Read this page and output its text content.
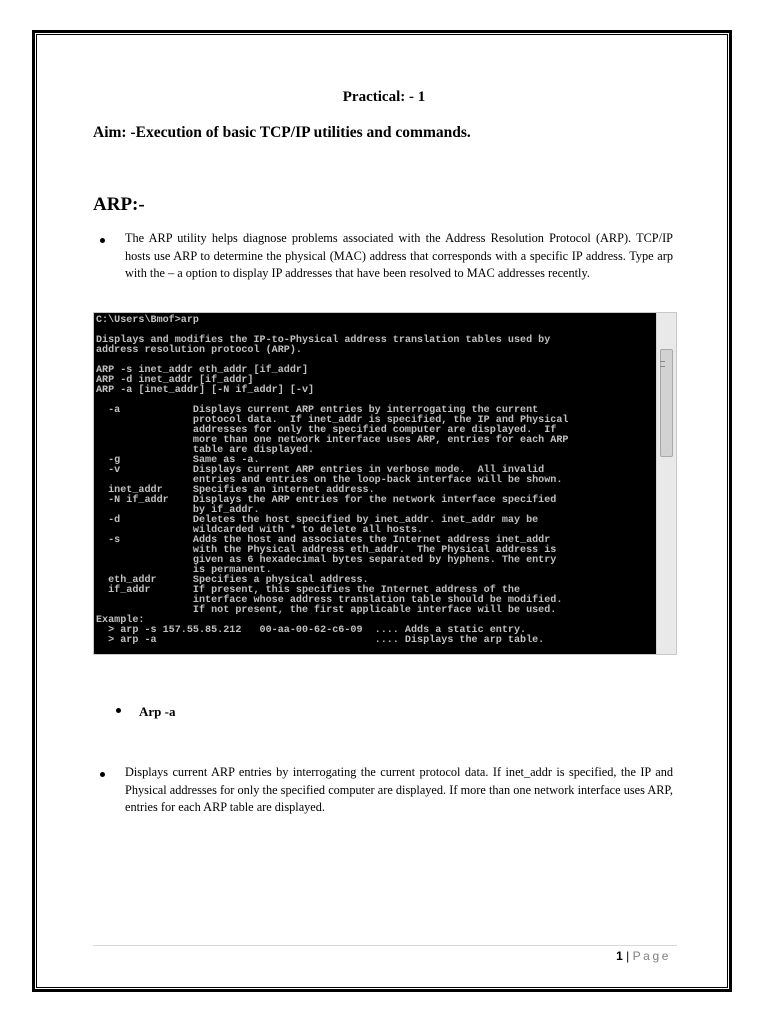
Practical: - 1
Aim: -Execution of basic TCP/IP utilities and commands.
ARP:-
The ARP utility helps diagnose problems associated with the Address Resolution Protocol (ARP). TCP/IP hosts use ARP to determine the physical (MAC) address that corresponds with a specific IP address. Type arp with the – a option to display IP addresses that have been resolved to MAC addresses recently.
C:\Users\Bmof>arp
Displays and modifies the IP-to-Physical address translation tables used by
address resolution protocol (ARP).
ARP -s inet_addr eth_addr [if_addr]
ARP -d inet_addr [if_addr]
ARP -a [inet_addr] [-N if_addr] [-v]
-a            Displays current ARP entries by interrogating the current
protocol data.  If inet_addr is specified, the IP and Physical
addresses for only the specified computer are displayed.  If
more than one network interface uses ARP, entries for each ARP
table are displayed.
-g            Same as -a.
-v            Displays current ARP entries in verbose mode.  All invalid
entries and entries on the loop-back interface will be shown.
inet_addr     Specifies an internet address.
-N if_addr    Displays the ARP entries for the network interface specified
by if_addr.
-d            Deletes the host specified by inet_addr. inet_addr may be
wildcarded with * to delete all hosts.
-s            Adds the host and associates the Internet address inet_addr
with the Physical address eth_addr.  The Physical address is
given as 6 hexadecimal bytes separated by hyphens. The entry
is permanent.
eth_addr      Specifies a physical address.
if_addr       If present, this specifies the Internet address of the
interface whose address translation table should be modified.
If not present, the first applicable interface will be used.
Example:
> arp -s 157.55.85.212   00-aa-00-62-c6-09  .... Adds a static entry.
> arp -a                                    .... Displays the arp table.
Arp -a
Displays current ARP entries by interrogating the current protocol data. If inet_addr is specified, the IP and Physical addresses for only the specified computer are displayed. If more than one network interface uses ARP, entries for each ARP table are displayed.
1 | Page
